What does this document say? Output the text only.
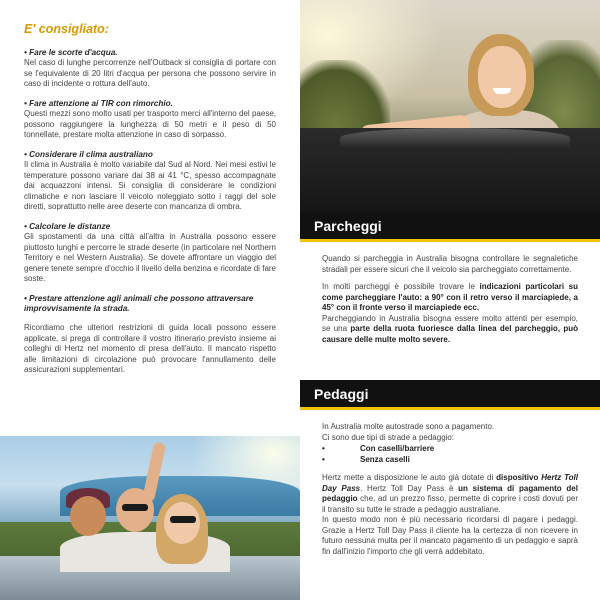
E' consigliato:
• Fare le scorte d'acqua.
Nel caso di lunghe percorrenze nell'Outback si consiglia di portare con se l'equivalente di 20 litri d'acqua per persona che possono servire in caso di incidente o rottura dell'auto.
• Fare attenzione ai TIR con rimorchio.
Questi mezzi sono molto usati per trasporto merci all'interno del paese, possono raggiungere la lunghezza di 50 metri e il peso di 50 tonnellate, prestare molta attenzione in caso di sorpasso.
• Considerare il clima australiano
Il clima in Australia è molto variabile dal Sud al Nord. Nei mesi estivi le temperature possono variare dai 38 ai 41 °C, spesso accompagnate dai acquazzoni intensi. Si consiglia di considerare le condizioni climatiche e non lasciare il veicolo noleggiato sotto i raggi del sole diretti, soprattutto nelle aree deserte con mancanza di ombra.
• Calcolare le distanze
Gli spostamenti da una città all'altra in Australia possono essere piuttosto lunghi e percorre le strade deserte (in particolare nel Northern Territory e nel Western Australia). Se dovete affrontare un viaggio del genere tenete sempre d'occhio il livello della benzina e ricordate di fare soste.
• Prestare attenzione agli animali che possono attraversare improvvisamente la strada.
Ricordiamo che ulteriori restrizioni di guida locali possono essere applicate, si prega di controllare il vostro itinerario previsto insieme ai colleghi di Hertz nel momento di presa dell'auto. Il mancato rispetto alle limitazioni di circolazione può provocare l'annullamento delle assicurazioni supplementari.
Parcheggi

Quando si parcheggia in Australia bisogna controllare le segnaletiche stradali per essere sicuri che il veicolo sia parcheggiato correttamente.

In molti parcheggi è possibile trovare le indicazioni particolari su come parcheggiare l'auto: a 90° con il retro verso il marciapiede, a 45° con il fronte verso il marciapiede ecc.
Parcheggiando in Australia bisogna essere molto attenti per esempio, se una parte della ruota fuoriesce dalla linea del parcheggio, può causare delle multe molto severe.

Pedaggi

In Australia molte autostrade sono a pagamento.
Ci sono due tipi di strade a pedaggio:

•	Con caselli/barriere
•	Senza caselli

Hertz mette a disposizione le auto già dotate di dispositivo Hertz Toll Day Pass. Hertz Toll Day Pass è un sistema di pagamento del pedaggio che, ad un prezzo fisso, permette di coprire i costi dovuti per il transito su tutte le strade a pedaggio australiane.
In questo modo non è più necessario ricordarsi di pagare i pedaggi. Grazie a Hertz Toll Day Pass il cliente ha la certezza di non ricevere in futuro nessuna multa per il mancato pagamento di un pedaggio e saprà fin dall'inizio l'importo che gli verrà addebitato.
